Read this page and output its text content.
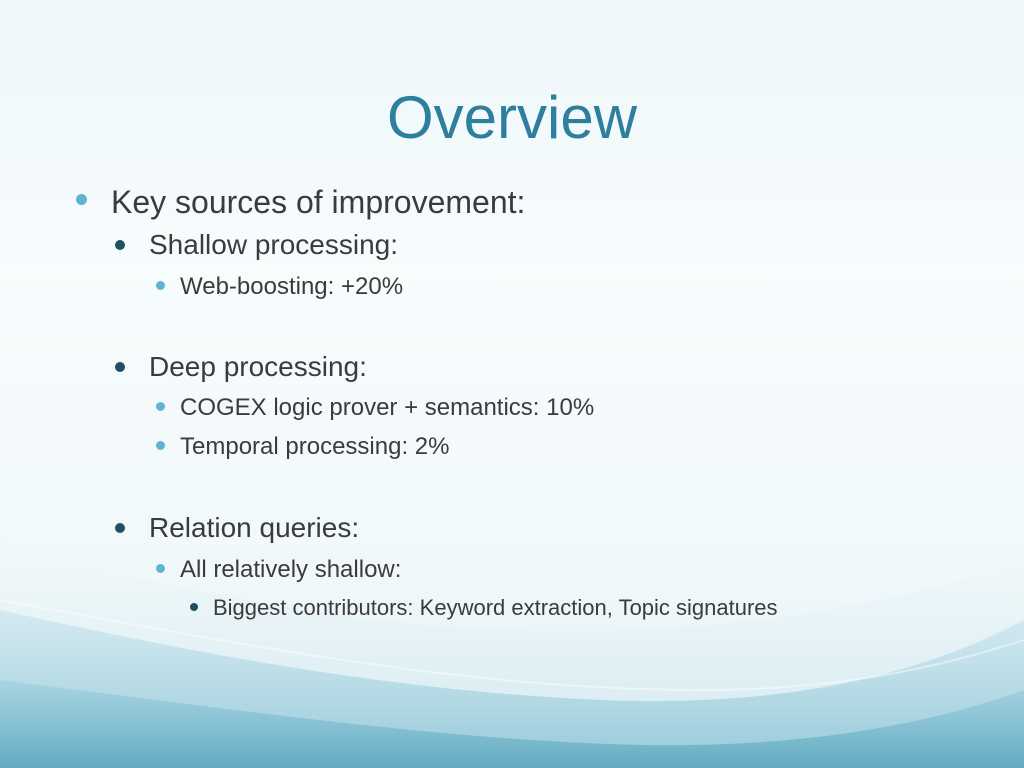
Overview
Key sources of improvement:
Shallow processing:
Web-boosting: +20%
Deep processing:
COGEX logic prover + semantics: 10%
Temporal processing: 2%
Relation queries:
All relatively shallow:
Biggest contributors: Keyword extraction, Topic signatures
